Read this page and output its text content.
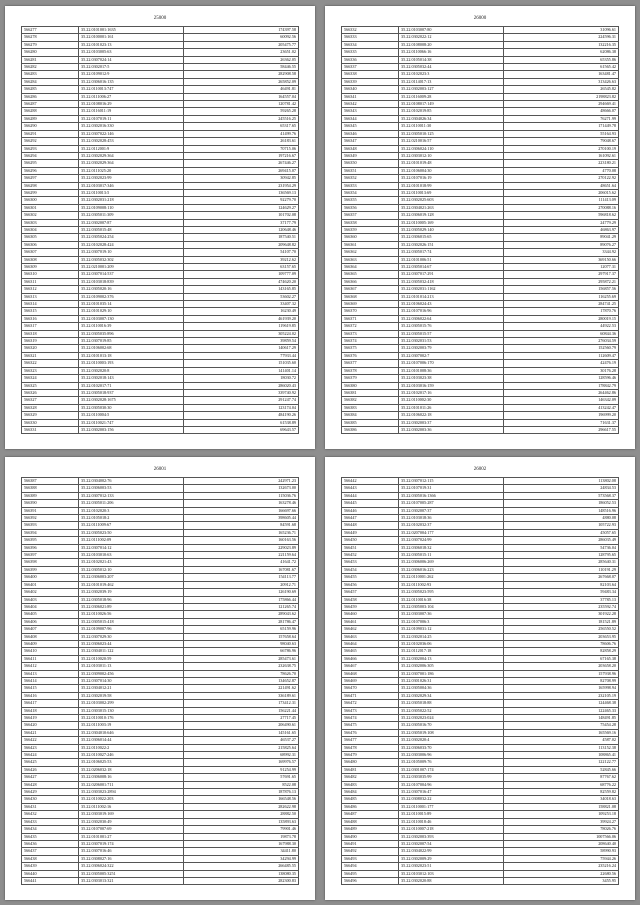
25000
566277	35.22.0101001:1635	174397.58
566278	35.22.0100001:161	60092.56
566279	35.22.0101023:13	205475.77
566280	35.22.0103005:63	23651.02
566281	35.22.0307024:14	26362.05
566282	35.22.0302017:5	58446.55
566283	35.22.0109012:9	282908.58
566284	35.22.0306016:135	265852.09
566285	35.22.0110013:747	46491.81
566286	35.22.0111006:27	164557.04
566287	35.22.0108016:29	120781.42
566288	35.22.0116011:19	59265.28
566289	35.22.0107019:11	245516.25
566290	35.22.0302016:330	65317.65
566291	35.22.0307022:146	41499.76
566292	35.22.0302028:453	26183.61
566293	35.22.0112001:9	70715.06
566294	35.22.0302029:364	197216.67
566295	35.22.0302029:364	267446.27
566296	35.22.0111025:20	269415.07
566297	35.22.0302023:99	30942.85
566298	35.22.0103017:346	231954.29
566299	35.22.0110013:5	136569.13
566300	35.22.0302031:218	92279.70
566301	35.22.0109008:110	124629.27
566302	35.22.0305011:309	101702.08
566303	35.22.0302007:87	37177.79
566304	35.22.0305015:48	120648.46
566305	35.22.0305024:254	187540.51
566306	35.22.0102028:424	209648.82
566307	35.22.0307019:10	54107.70
566308	35.22.0305032:302	39212.62
566309	35.22.0210001:209	63157.65
566310	35.22.0307014:537	109777.09
566311	35.22.0103018:839	474620.20
566312	35.22.0305020:16	143165.85
566313	35.22.0109002:376	53602.27
566314	35.22.0101035:14	33407.32
566315	35.22.0101029:10	16230.49
566316	35.22.0103007:130	461939.20
566317	35.22.0110016:39	119619.85
566318	35.22.0305035:896	305224.02
566319	35.22.0307019:85	39859.54
566320	35.22.0106002:68	140617.29
566321	35.22.0101013:18	77933.44
566322	35.22.0110003:193	151035.60
566323	35.22.0302020:8	141401.14
566324	35.22.0302018:143	18030.72
566325	35.22.0102017:71	286020.43
566326	35.22.0305018:937	339740.92
566327	35.22.0302028:1675	291247.74
566328	35.22.0305030:30	123174.04
566329	35.22.0110004:5	484190.26
566330	35.22.0110021:747	61538.89
566331	35.22.0302003:156	69643.57
26000
566332	35.22.0103007:80	31096.61
566333	35.22.0302022:12	224596.31
566334	35.22.0108008:20	132216.35
566335	35.22.0110066:16	62086.38
566336	35.22.0105014:38	65355.86
566337	35.22.0305032:44	61565.42
566338	35.22.0102023:3	163481.47
566339	35.22.0114017:13	313426.63
566340	35.22.0302003:127	26545.82
566341	35.22.0116009:28	2198823.82
566342	35.22.0108017:149	294669.41
566343	35.22.0102019:85	48666.07
566344	35.22.0304026:34	76271.99
566345	35.22.0110011:30	171449.78
566346	35.22.0305010:125	55164.93
566347	35.22.0210016:57	79048.67
566348	35.22.0306024:110	270100.19
566349	35.22.0303012:10	161092.61
566350	35.22.0101019:48	223180.21
566351	35.22.0106004:30	4770.08
566352	35.22.0107016:19	270122.92
566353	35.22.0101018:99	48651.64
566354	35.22.0110013:69	206015.62
566355	35.22.0302025:603	111413.09
566356	35.22.0304021:263	270088.16
566357	35.22.0306019:128	596818.62
566358	35.22.0110005:169	24779.29
566359	35.22.0305029:140	46863.97
566360	35.22.0306015:65	89041.29
566361	35.22.0302026:151	89076.27
566362	35.22.0305017:74	3344.92
566363	35.22.0101006:51	369150.66
566364	35.22.0305014:67	12077.31
566365	35.22.0307017:291	297917.37
566366	35.22.0305032:418	295872.21
566367	35.22.0302031:1162	156857.56
566368	35.22.0101014:213	116255.69
566369	35.22.0106024:43	284741.25
566370	35.22.0107016:96	17870.76
566371	35.22.0306022:64	280019.15
566372	35.22.0305015:76	44922.53
566373	35.22.0305015:57	60844.36
566374	35.22.0302031:53	276034.59
566375	35.22.0302003:79	152560.79
566376	35.22.0307002:7	112609.47
566377	35.22.0107006:170	42476.19
566378	35.22.0101008:36	30176.28
566379	35.22.0103023:38	128596.46
566380	35.22.0103016:159	178842.79
566381	35.22.0102017:16	264462.86
566382	35.22.0110002:30	146342.09
566383	35.22.0101011:26	413242.47
566384	35.22.0106022:18	196999.20
566385	35.22.0302003:37	71631.37
566386	35.22.0302003:36	296617.55
26001
566387	35.22.0304002:76	242971.23
566388	35.22.0306003:53	132673.00
566389	35.22.0307012:133	115036.76
566390	35.22.0305011:206	163278.46
566391	35.22.0102020:3	166697.66
566392	35.22.0105018:2	398605.44
566393	35.22.0111009:67	84591.68
566394	35.22.0305023:50	165236.71
566395	35.22.0111002:09	160163.56
566396	35.22.0307014:12	229023.89
566397	35.22.0103010:63	221159.64
566398	35.22.0102021:43	41641.72
566399	35.22.0305012:10	167081.67
566400	35.22.0306003:207	154113.77
566401	35.22.0101019:462	20912.71
566402	35.22.0302039:19	126190.69
566403	35.22.0305018:96	175866.44
566404	35.22.0306021:89	121265.74
566405	35.22.0110026:56	289043.62
566406	35.22.0305015:418	281786.47
566407	35.22.0109007:96	65159.96
566408	35.22.0307029:30	157658.64
566409	35.22.0306023:44	98040.63
566410	35.22.0304011:122	66786.96
566411	35.22.0110020:59	285473.61
566412	35.22.0103011:13	232638.75
566413	35.22.0309002:456	78626.70
566414	35.22.0307014:30	134652.87
566415	35.22.0304012:21	221491.62
566416	35.22.0302019:58	336189.61
566417	35.22.0103002:299	173412.31
566418	35.22.0303015:130	156221.44
566419	35.22.0110010:176	27717.45
566420	35.22.0111003:19	206490.61
566421	35.22.0304010:646	145161.65
566422	35.22.0306014:44	46537.27
566423	35.22.0110022:2	215825.64
566424	35.22.0110027:246	68992.31
566425	35.22.0106025:53	169976.57
566426	35.22.0206032:18	91254.99
566427	35.22.0306008:16	57691.65
566428	35.22.0206001:711	8522.08
566429	35.22.0303023:2894	187876.13
566430	35.22.0110022:203	166548.56
566431	35.22.0111002:16	282622.98
566432	35.22.0303019:169	28882.50
566433	35.22.0302030:49	135893.63
566434	35.22.0107007:69	79901.46
566435	35.22.0101001:27	19873.78
566436	35.22.0307019:174	167988.30
566437	35.22.0307016:46	34411.80
566438	35.22.0308027:16	34294.99
566439	35.22.0306024:322	266485.55
566440	35.22.0305005:3251	138080.35
566441	35.22.0303013:321	282300.83
26002
566442	35.22.0307012:115	113802.08
566443	35.22.0107019:31	24834.53
566444	35.22.0305016:1366	573568.37
566445	35.22.0107005:287	186052.53
566446	35.22.0302007:37	148516.96
566447	35.22.0103018:36	4880.08
566448	35.22.0102032:37	105722.93
566449	35.22.0207004:177	45057.65
566450	35.22.0307024:99	286035.49
566451	35.22.0306018:32	54736.04
566452	35.22.0305015:11	128795.65
566453	35.22.0306006:269	285640.31
566454	35.22.0306016:223	110191.29
566455	35.22.0110001:262	267668.07
566456	35.22.0111002:93	82103.64
566457	35.22.0305023:595	59483.34
566458	35.22.0110016:38	37785.13
566459	35.22.0305003:104	235592.74
566460	35.22.0303007:36	301922.28
566461	35.22.0107006:3	181521.89
566462	35.22.0109031:12	256550.52
566463	35.22.0302014:25	203653.95
566464	35.22.0102036:06	78606.76
566465	35.22.0112017:18	82858.29
566466	35.22.0302004:13	67165.38
566467	35.22.0302006:305	203658.20
566468	35.22.0307001:186	157938.96
566469	35.22.0301026:31	82708.99
566470	35.22.0305004:36	165998.94
566471	35.22.0302029:34	232105.19
566472	35.22.0305018:88	124468.38
566473	35.22.0305022:52	122465.33
566474	35.22.0302023:024	148491.85
566475	35.22.0305016:70	75454.28
566476	35.22.0305019:108	165569.16
566477	35.22.0302020:4	4587.02
566478	35.22.0306033:70	113152.38
566479	35.22.0303006:96	108865.41
566480	35.22.0105009:76	122122.77
566481	35.22.0301007:174	52845.66
566482	35.22.0303035:99	87767.62
566483	35.22.0107004:96	68776.22
566484	35.22.0307016:47	82559.82
566485	35.22.0308032:22	34018.63
566486	35.22.0110001:177	158821.08
566487	35.22.0110015:89	109253.18
566488	35.22.0110018:46	39924.27
566489	35.22.0110007:218	78026.76
566490	35.22.0302003:393	1007566.06
566491	35.22.0302007:54	208640.40
566492	35.22.0304022:99	58990.93
566493	35.22.0302009:29	75944.26
566494	35.22.0302023:51	235216.24
566495	35.22.0103012:103	22680.56
566496	35.22.0302020:88	3455.95
